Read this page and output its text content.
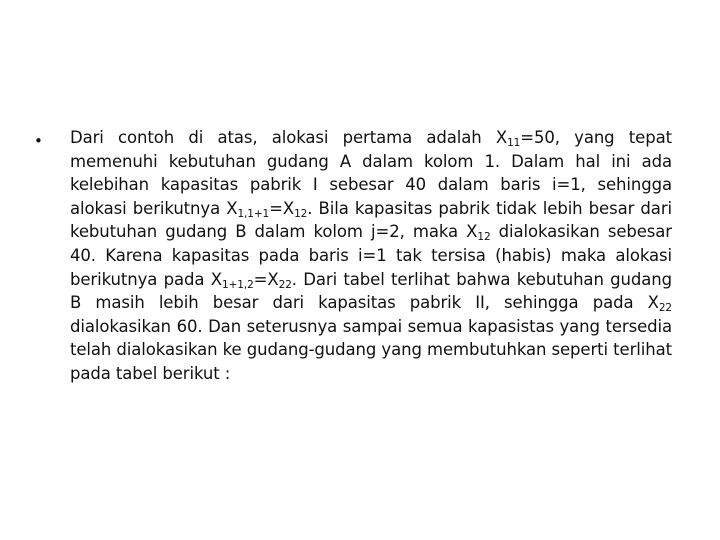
• Dari contoh di atas, alokasi pertama adalah $X_{11}=50$, yang tepat memenuhi kebutuhan gudang A dalam kolom 1. Dalam hal ini ada kelebihan kapasitas pabrik I sebesar 40 dalam baris i=1, sehingga alokasi berikutnya $X_{1,1+1}=X_{12}$. Bila kapasitas pabrik tidak lebih besar dari kebutuhan gudang B dalam kolom j=2, maka $X_{12}$ dialokasikan sebesar 40. Karena kapasitas pada baris i=1 tak tersisa (habis) maka alokasi berikutnya pada $X_{1+1,2}=X_{22}$. Dari tabel terlihat bahwa kebutuhan gudang B masih lebih besar dari kapasitas pabrik II, sehingga pada $X_{22}$ dialokasikan 60. Dan seterusnya sampai semua kapasistas yang tersedia telah dialokasikan ke gudang-gudang yang membutuhkan seperti terlihat pada tabel berikut :
